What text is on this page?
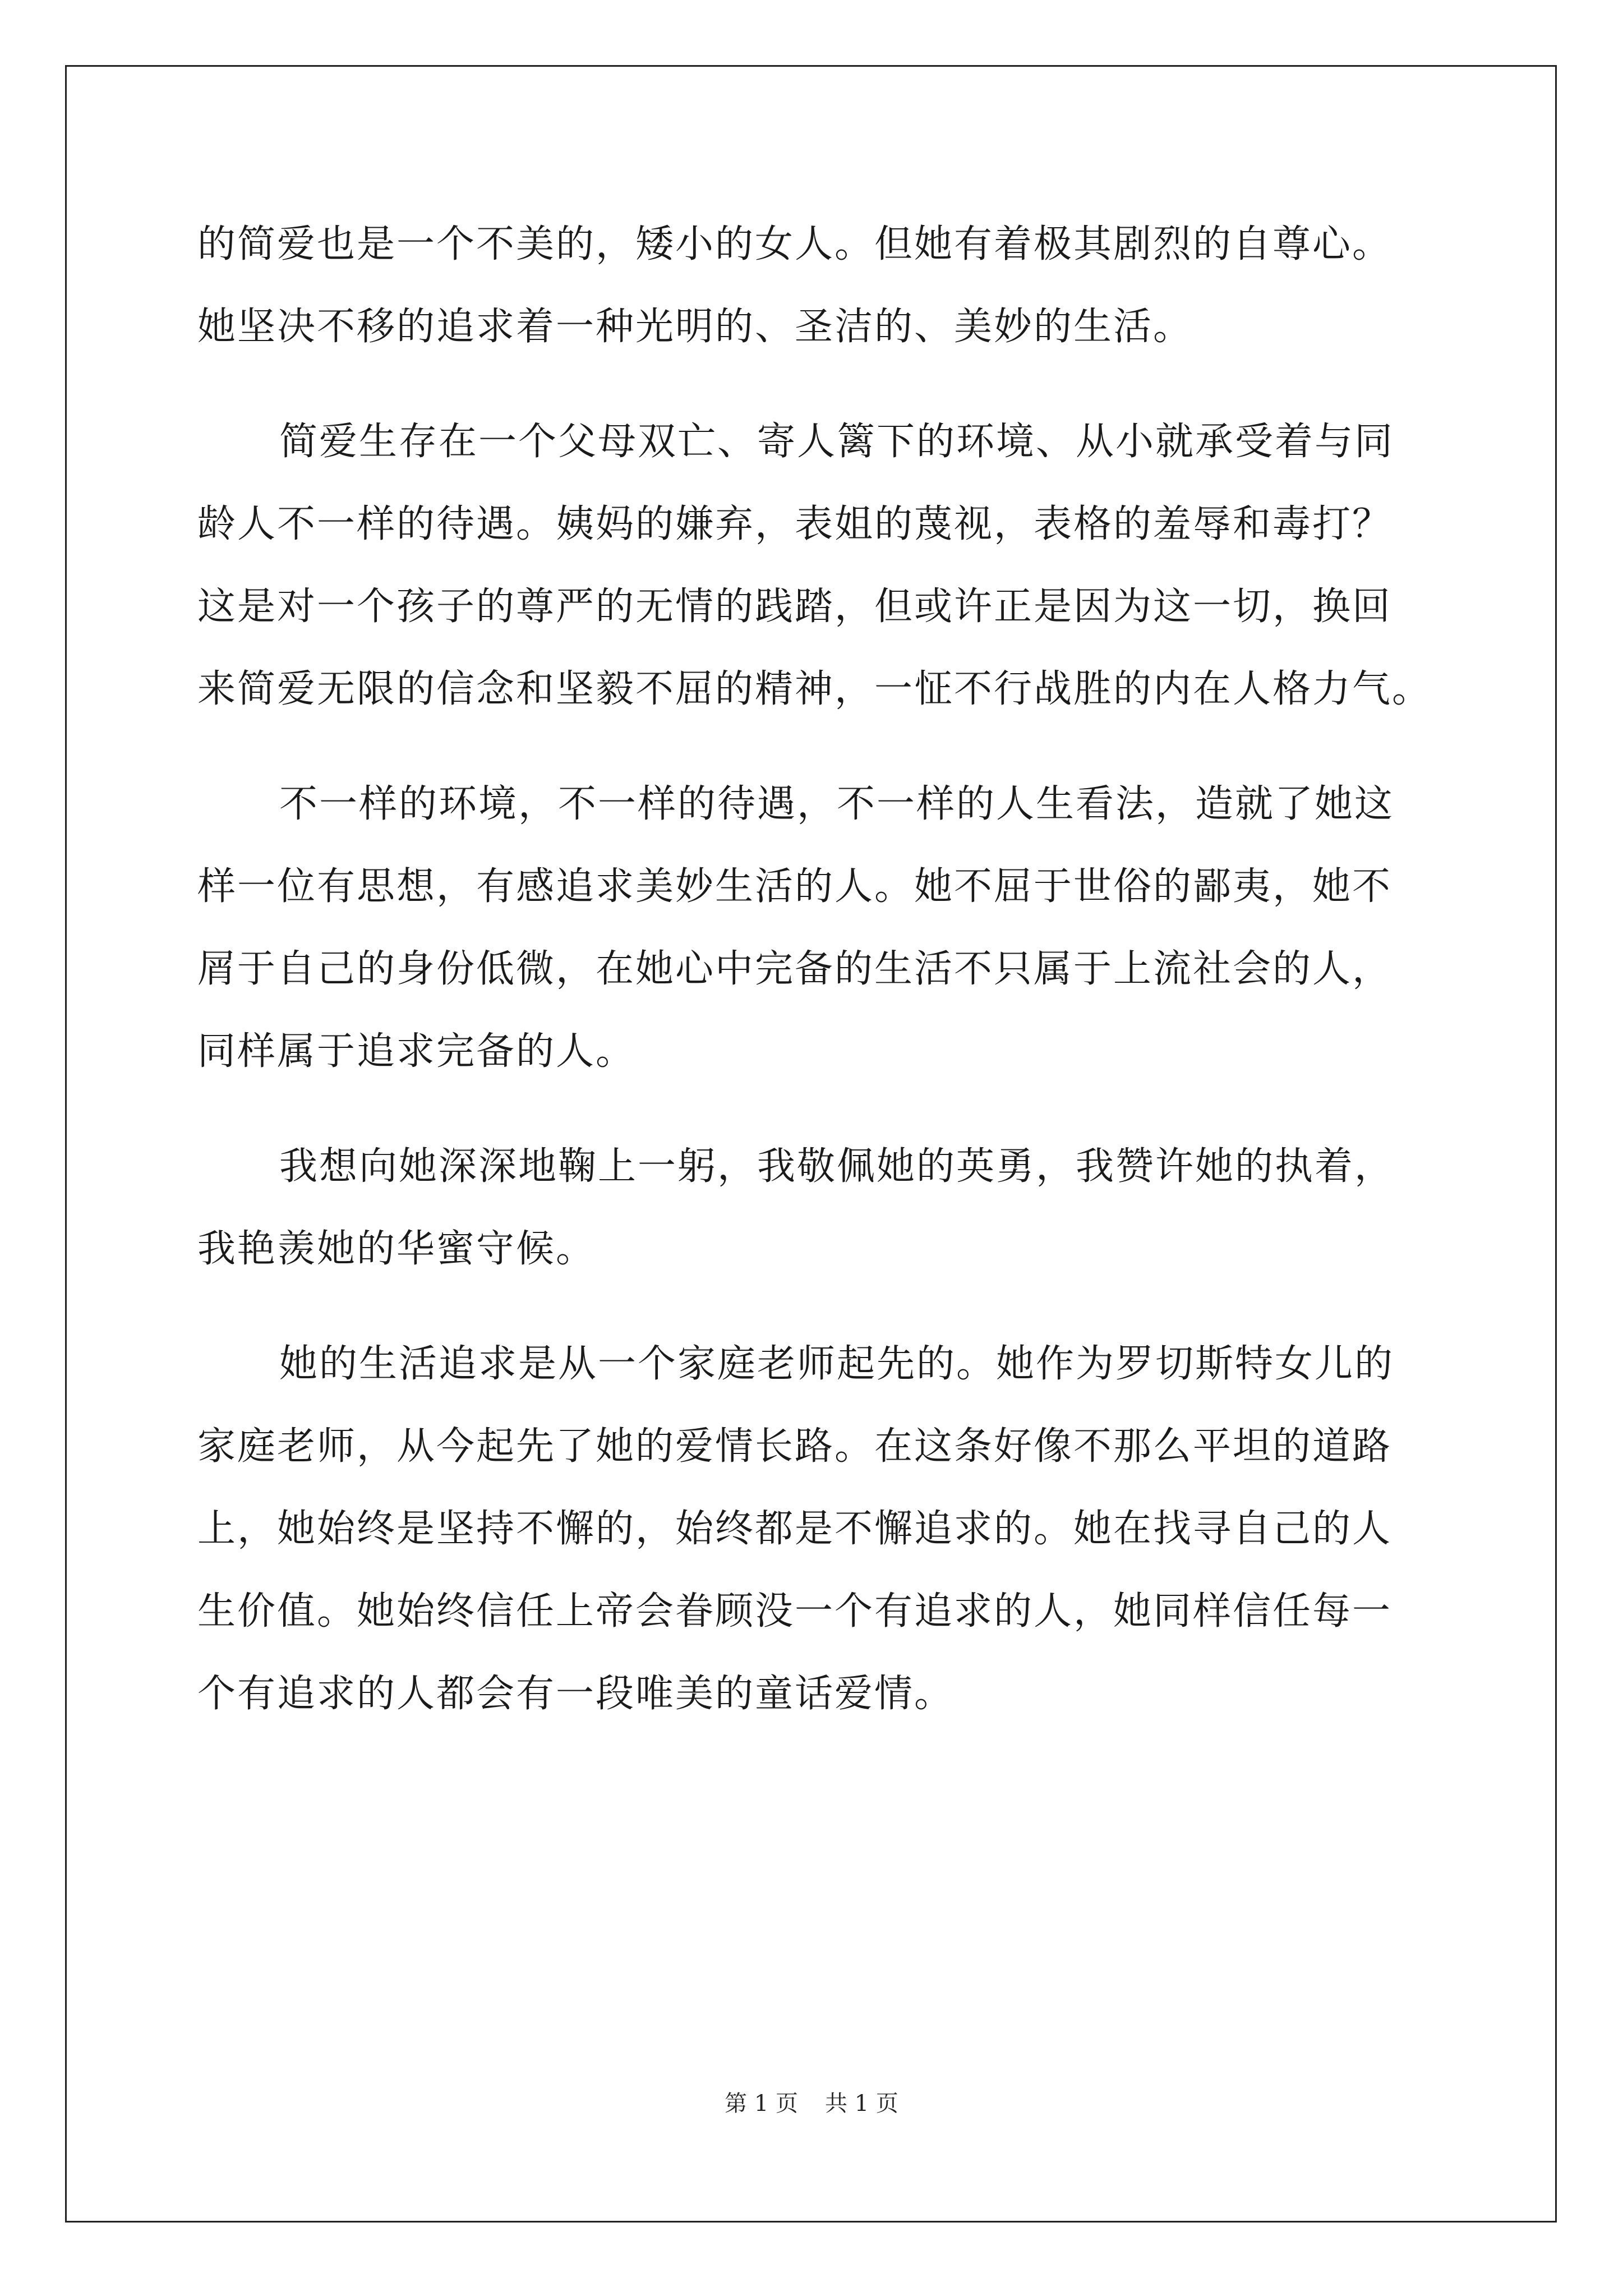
的简爱也是一个不美的，矮小的女人。但她有着极其剧烈的自尊心。
她坚决不移的追求着一种光明的、圣洁的、美妙的生活。

简爱生存在一个父母双亡、寄人篱下的环境、从小就承受着与同
龄人不一样的待遇。姨妈的嫌弃，表姐的蔑视，表格的羞辱和毒打？
这是对一个孩子的尊严的无情的践踏，但或许正是因为这一切，换回
来简爱无限的信念和坚毅不屈的精神，一怔不行战胜的内在人格力气。

不一样的环境，不一样的待遇，不一样的人生看法，造就了她这
样一位有思想，有感追求美妙生活的人。她不屈于世俗的鄙夷，她不
屑于自己的身份低微，在她心中完备的生活不只属于上流社会的人，
同样属于追求完备的人。

我想向她深深地鞠上一躬，我敬佩她的英勇，我赞许她的执着，
我艳羡她的华蜜守候。

她的生活追求是从一个家庭老师起先的。她作为罗切斯特女儿的
家庭老师，从今起先了她的爱情长路。在这条好像不那么平坦的道路
上，她始终是坚持不懈的，始终都是不懈追求的。她在找寻自己的人
生价值。她始终信任上帝会眷顾没一个有追求的人，她同样信任每一
个有追求的人都会有一段唯美的童话爱情。

第 1 页 共 1 页
